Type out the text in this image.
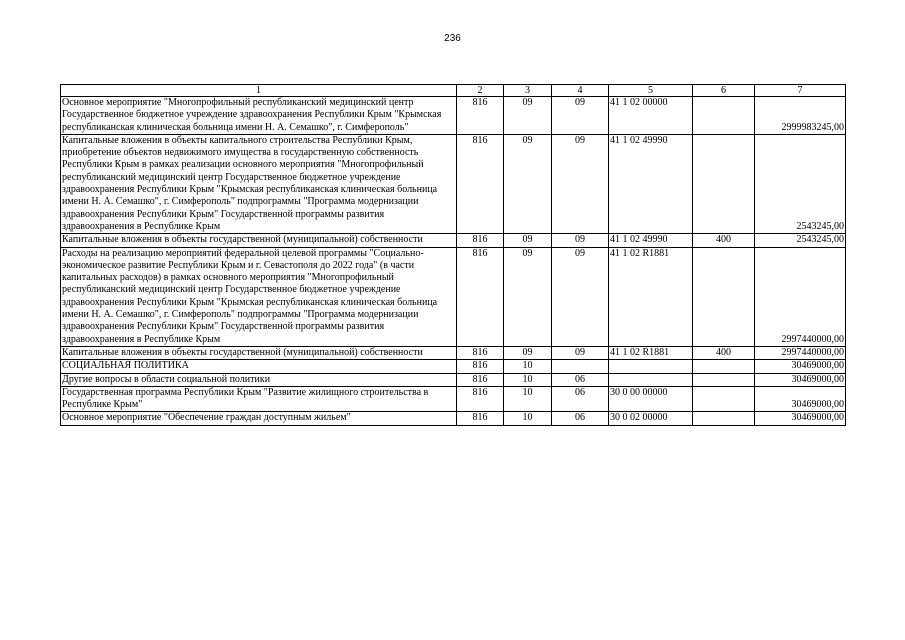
236
1	2	3	4	5	6	7
Основное мероприятие "Многопрофильный республиканский медицинский центр Государственное бюджетное учреждение здравоохранения Республики Крым "Крымская республиканская клиническая больница имени Н. А. Семашко", г. Симферополь"	816	09	09	41 1 02 00000		2999983245,00
Капитальные вложения в объекты капитального строительства Республики Крым, приобретение объектов недвижимого имущества в государственную собственность Республики Крым в рамках реализации основного мероприятия "Многопрофильный республиканский медицинский центр Государственное бюджетное учреждение здравоохранения Республики Крым "Крымская республиканская клиническая больница имени Н. А. Семашко", г. Симферополь" подпрограммы "Программа модернизации здравоохранения Республики Крым" Государственной программы развития здравоохранения в Республике Крым	816	09	09	41 1 02 49990		2543245,00
Капитальные вложения в объекты государственной (муниципальной) собственности	816	09	09	41 1 02 49990	400	2543245,00
Расходы на реализацию мероприятий федеральной целевой программы "Социально-экономическое развитие Республики Крым и г. Севастополя до 2022 года" (в части капитальных расходов) в рамках основного мероприятия "Многопрофильный республиканский медицинский центр Государственное бюджетное учреждение здравоохранения Республики Крым "Крымская республиканская клиническая больница имени Н. А. Семашко", г. Симферополь" подпрограммы "Программа модернизации здравоохранения Республики Крым" Государственной программы развития здравоохранения в Республике Крым	816	09	09	41 1 02 R1881		2997440000,00
Капитальные вложения в объекты государственной (муниципальной) собственности	816	09	09	41 1 02 R1881	400	2997440000,00
СОЦИАЛЬНАЯ ПОЛИТИКА	816	10				30469000,00
Другие вопросы в области социальной политики	816	10	06			30469000,00
Государственная программа Республики Крым "Развитие жилищного строительства в Республике Крым"	816	10	06	30 0 00 00000		30469000,00
Основное мероприятие "Обеспечение граждан доступным жильем"	816	10	06	30 0 02 00000		30469000,00
